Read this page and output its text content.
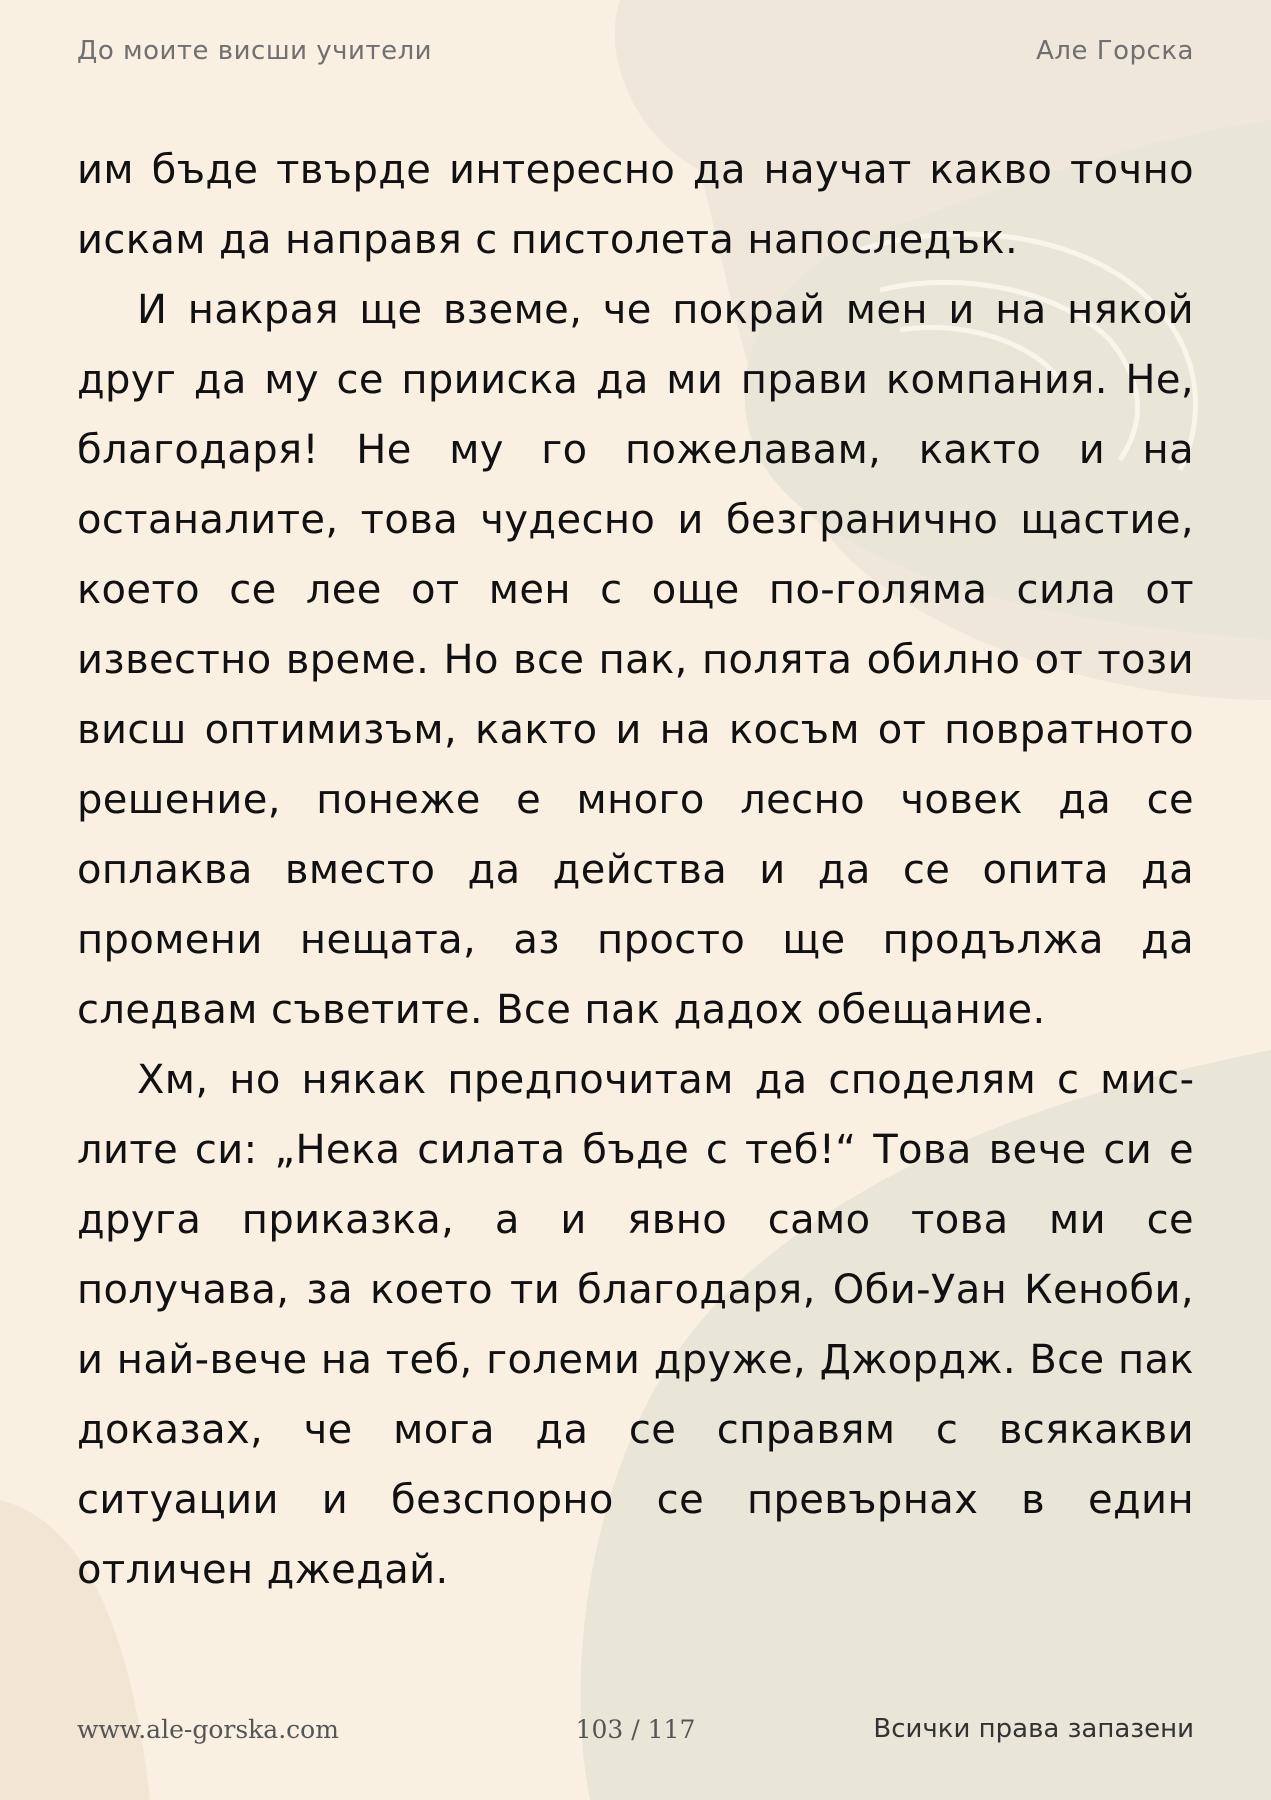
До моите висши учители	Але Горска

им бъде твърде интересно да научат какво точно искам да направя с пистолета напоследък.

И накрая ще вземе, че покрай мен и на някой друг да му се прииска да ми прави компания. Не, благодаря! Не му го пожелавам, както и на останалите, това чудесно и безгранично щастие, което се лее от мен с още по-голяма сила от известно време. Но все пак, полята обилно от този висш оптимизъм, както и на косъм от повратното решение, понеже е много лесно човек да се оплаква вместо да действа и да се опита да промени нещата, аз просто ще продължа да следвам съветите. Все пак дадох обещание.

Хм, но някак предпочитам да споделям с мислите си: „Нека силата бъде с теб!“ Това вече си е друга приказка, а и явно само това ми се получава, за което ти благодаря, Оби-Уан Кеноби, и най-вече на теб, големи друже, Джордж. Все пак доказах, че мога да се справям с всякакви ситуации и безспорно се превърнах в един отличен джедай.

www.ale-gorska.com	103 / 117	Всички права запазени
